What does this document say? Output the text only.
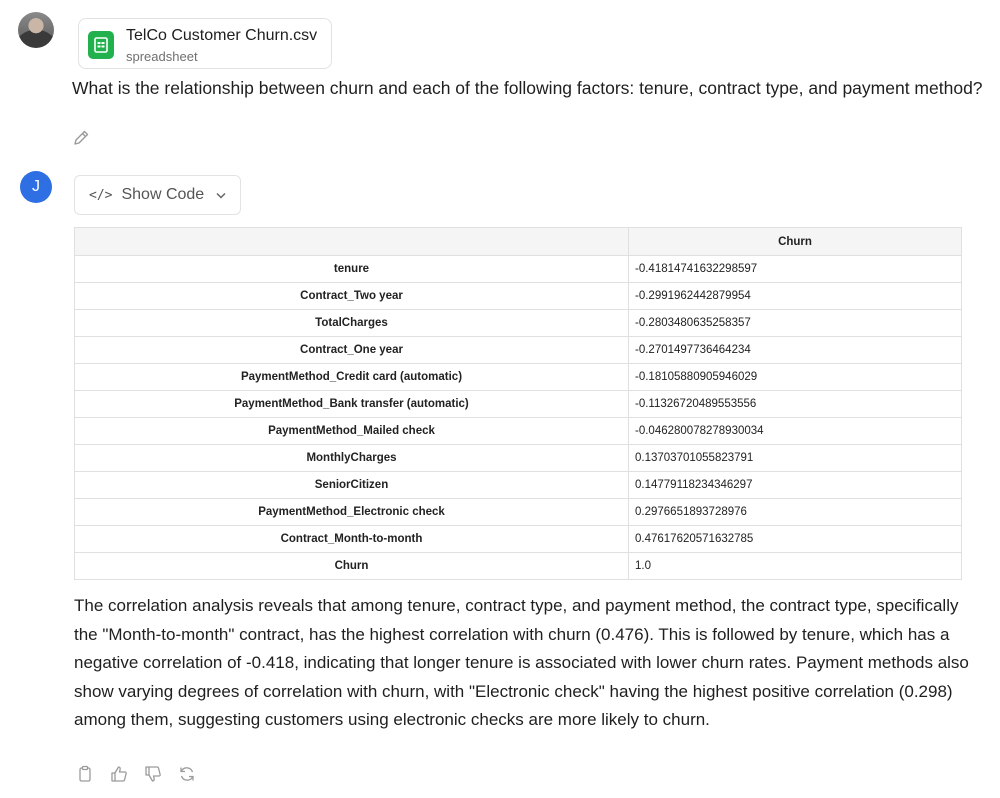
TelCo Customer Churn.csv
spreadsheet
What is the relationship between churn and each of the following factors: tenure, contract type, and payment method?
J	</> Show Code
	Churn
tenure	-0.41814741632298597
Contract_Two year	-0.2991962442879954
TotalCharges	-0.2803480635258357
Contract_One year	-0.2701497736464234
PaymentMethod_Credit card (automatic)	-0.18105880905946029
PaymentMethod_Bank transfer (automatic)	-0.11326720489553556
PaymentMethod_Mailed check	-0.046280078278930034
MonthlyCharges	0.13703701055823791
SeniorCitizen	0.14779118234346297
PaymentMethod_Electronic check	0.2976651893728976
Contract_Month-to-month	0.47617620571632785
Churn	1.0
The correlation analysis reveals that among tenure, contract type, and payment method, the contract type, specifically the "Month-to-month" contract, has the highest correlation with churn (0.476). This is followed by tenure, which has a negative correlation of -0.418, indicating that longer tenure is associated with lower churn rates. Payment methods also show varying degrees of correlation with churn, with "Electronic check" having the highest positive correlation (0.298) among them, suggesting customers using electronic checks are more likely to churn.
